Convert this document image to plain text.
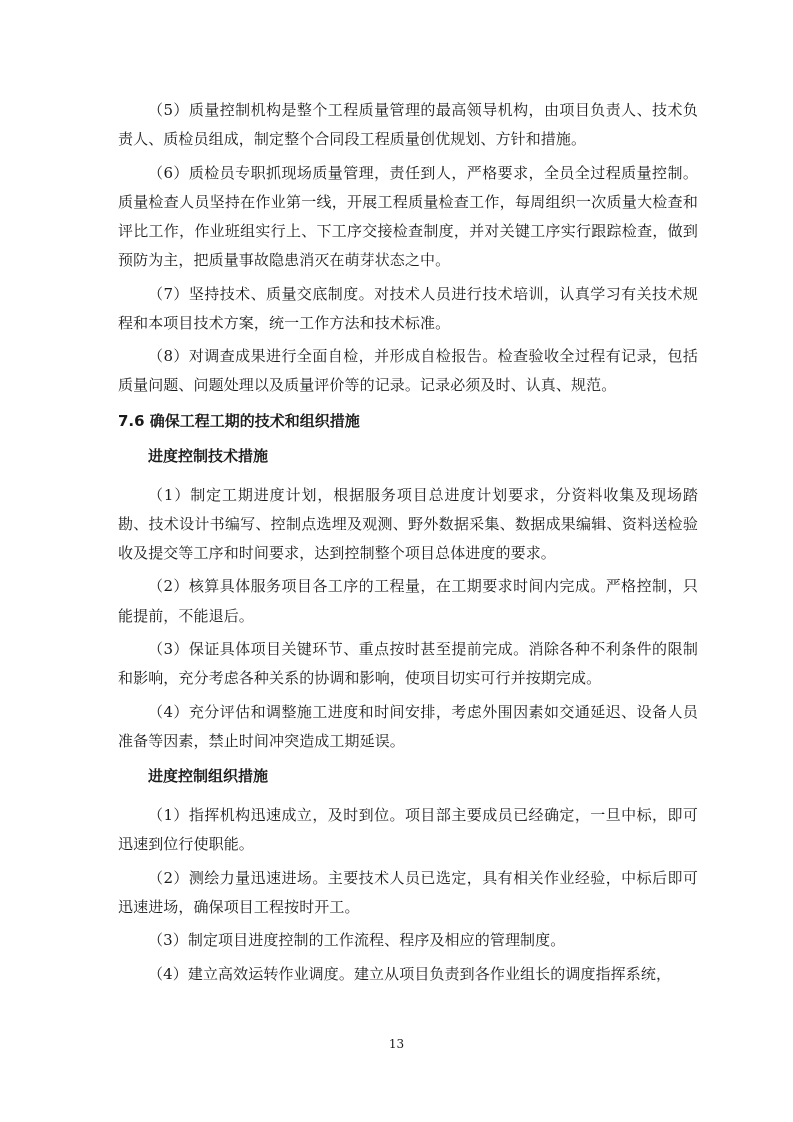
（5）质量控制机构是整个工程质量管理的最高领导机构，由项目负责人、技术负责人、质检员组成，制定整个合同段工程质量创优规划、方针和措施。

（6）质检员专职抓现场质量管理，责任到人，严格要求，全员全过程质量控制。质量检查人员坚持在作业第一线，开展工程质量检查工作，每周组织一次质量大检查和评比工作，作业班组实行上、下工序交接检查制度，并对关键工序实行跟踪检查，做到预防为主，把质量事故隐患消灭在萌芽状态之中。

（7）坚持技术、质量交底制度。对技术人员进行技术培训，认真学习有关技术规程和本项目技术方案，统一工作方法和技术标准。

（8）对调查成果进行全面自检，并形成自检报告。检查验收全过程有记录，包括质量问题、问题处理以及质量评价等的记录。记录必须及时、认真、规范。

7.6 确保工程工期的技术和组织措施
进度控制技术措施

（1）制定工期进度计划，根据服务项目总进度计划要求，分资料收集及现场踏勘、技术设计书编写、控制点选埋及观测、野外数据采集、数据成果编辑、资料送检验收及提交等工序和时间要求，达到控制整个项目总体进度的要求。

（2）核算具体服务项目各工序的工程量，在工期要求时间内完成。严格控制，只能提前，不能退后。

（3）保证具体项目关键环节、重点按时甚至提前完成。消除各种不利条件的限制和影响，充分考虑各种关系的协调和影响，使项目切实可行并按期完成。

（4）充分评估和调整施工进度和时间安排，考虑外围因素如交通延迟、设备人员准备等因素，禁止时间冲突造成工期延误。

进度控制组织措施

（1）指挥机构迅速成立，及时到位。项目部主要成员已经确定，一旦中标，即可迅速到位行使职能。

（2）测绘力量迅速进场。主要技术人员已选定，具有相关作业经验，中标后即可迅速进场，确保项目工程按时开工。

（3）制定项目进度控制的工作流程、程序及相应的管理制度。

（4）建立高效运转作业调度。建立从项目负责到各作业组长的调度指挥系统，

13
